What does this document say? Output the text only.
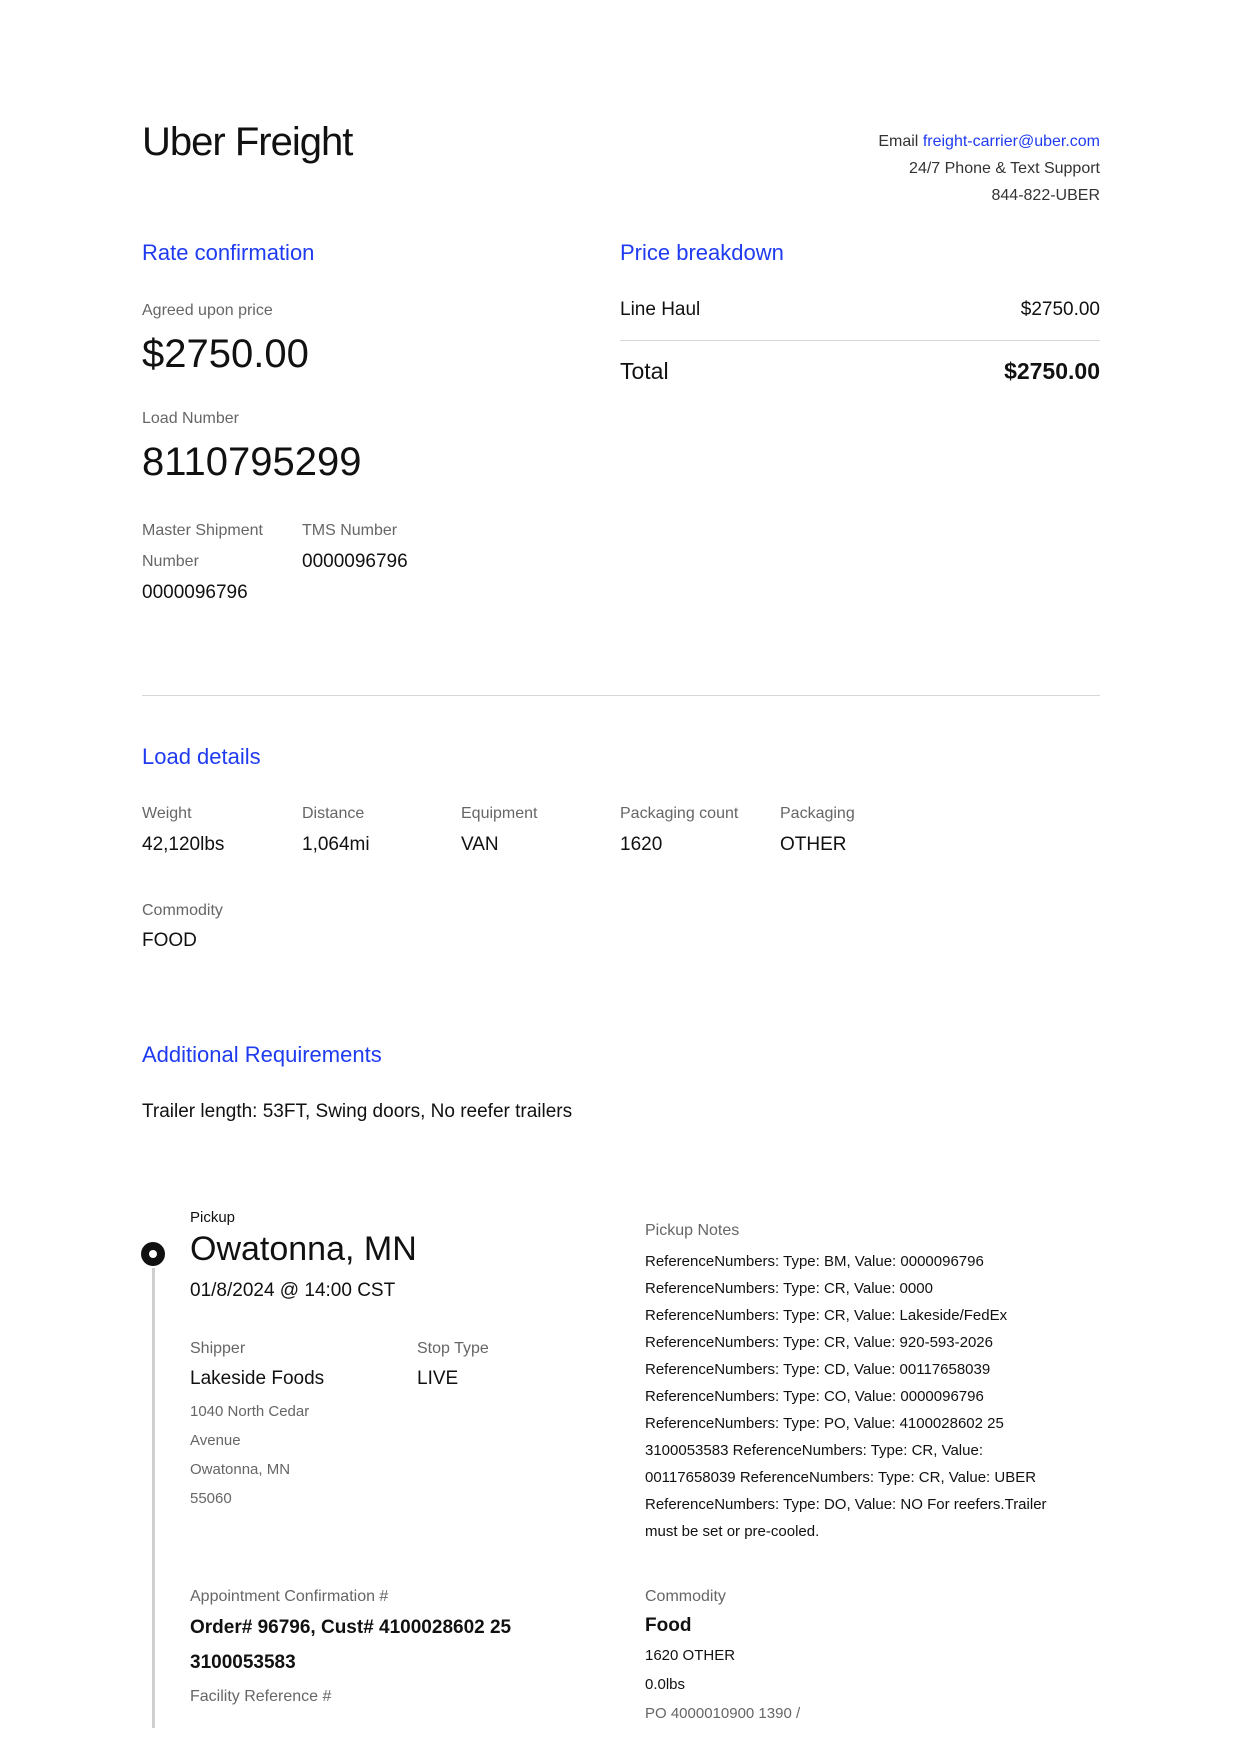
Uber Freight	Email freight-carrier@uber.com
24/7 Phone & Text Support
844-822-UBER
Rate confirmation
Agreed upon price
$2750.00
Load Number
8110795299
Master Shipment
Number
0000096796
TMS Number
0000096796
Price breakdown
Line Haul	$2750.00
Total	$2750.00
Load details
Weight
42,120lbs
Distance
1,064mi
Equipment
VAN
Packaging count
1620
Packaging
OTHER
Commodity
FOOD
Additional Requirements
Trailer length: 53FT, Swing doors, No reefer trailers
Pickup
Owatonna, MN
01/8/2024 @ 14:00 CST
Shipper
Lakeside Foods
1040 North Cedar
Avenue
Owatonna, MN
55060
Stop Type
LIVE
Pickup Notes
ReferenceNumbers: Type: BM, Value: 0000096796
ReferenceNumbers: Type: CR, Value: 0000
ReferenceNumbers: Type: CR, Value: Lakeside/FedEx
ReferenceNumbers: Type: CR, Value: 920-593-2026
ReferenceNumbers: Type: CD, Value: 00117658039
ReferenceNumbers: Type: CO, Value: 0000096796
ReferenceNumbers: Type: PO, Value: 4100028602 25
3100053583 ReferenceNumbers: Type: CR, Value:
00117658039 ReferenceNumbers: Type: CR, Value: UBER
ReferenceNumbers: Type: DO, Value: NO For reefers.Trailer
must be set or pre-cooled.
Appointment Confirmation #
Order# 96796, Cust# 4100028602 25
3100053583
Facility Reference #
Commodity
Food
1620 OTHER
0.0lbs
PO 4000010900 1390 /
